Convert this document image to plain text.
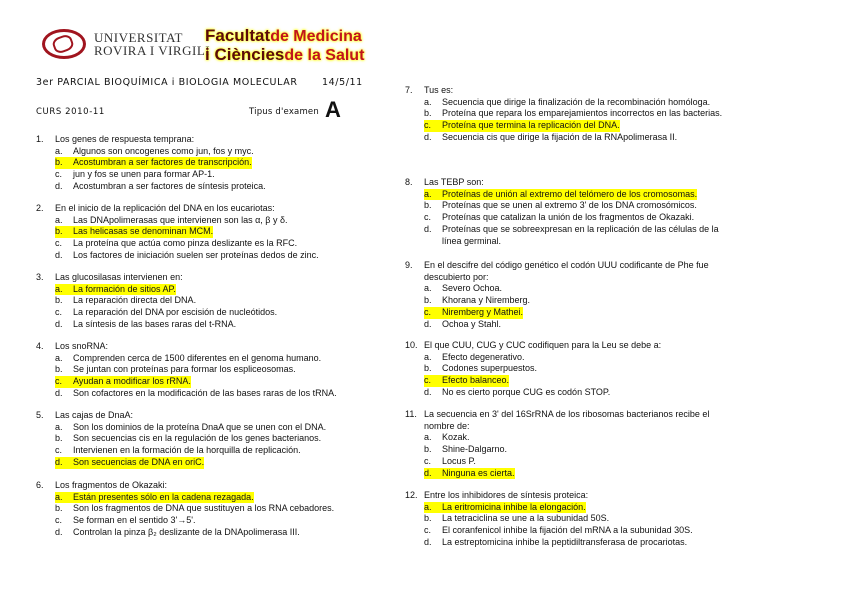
UNIVERSITAT
ROVIRA I VIRGILI
Facultatde Medicina
i Ciènciesde la Salut
3er PARCIAL BIOQUÍMICA i BIOLOGIA MOLECULAR	14/5/11
CURS 2010-11	Tipus d'examen A
1.	Los genes de respuesta temprana:
a.	Algunos son oncogenes como jun, fos y myc.
b.	Acostumbran a ser factores de transcripción.
c.	jun y fos se unen para formar AP-1.
d.	Acostumbran a ser factores de síntesis proteica.
2.	En el inicio de la replicación del DNA en los eucariotas:
a.	Las DNApolimerasas que intervienen son las α, β y δ.
b.	Las helicasas se denominan MCM.
c.	La proteína que actúa como pinza deslizante es la RFC.
d.	Los factores de iniciación suelen ser proteínas dedos de zinc.
3.	Las glucosilasas intervienen en:
a.	La formación de sitios AP.
b.	La reparación directa del DNA.
c.	La reparación del DNA por escisión de nucleótidos.
d.	La síntesis de las bases raras del t-RNA.
4.	Los snoRNA:
a.	Comprenden cerca de 1500 diferentes en el genoma humano.
b.	Se juntan con proteínas para formar los espliceosomas.
c.	Ayudan a modificar los rRNA.
d.	Son cofactores en la modificación de las bases raras de los tRNA.
5.	Las cajas de DnaA:
a.	Son los dominios de la proteína DnaA que se unen con el DNA.
b.	Son secuencias cis en la regulación de los genes bacterianos.
c.	Intervienen en la formación de la horquilla de replicación.
d.	Son secuencias de DNA en oriC.
6.	Los fragmentos de Okazaki:
a.	Están presentes sólo en la cadena rezagada.
b.	Son los fragmentos de DNA que sustituyen a los RNA cebadores.
c.	Se forman en el sentido 3'→5'.
d.	Controlan la pinza β₂ deslizante de la DNApolimerasa III.
7.	Tus es:
a.	Secuencia que dirige la finalización de la recombinación homóloga.
b.	Proteína que repara los emparejamientos incorrectos en las bacterias.
c.	Proteína que termina la replicación del DNA.
d.	Secuencia cis que dirige la fijación de la RNApolimerasa II.
8.	Las TEBP son:
a.	Proteínas de unión al extremo del telómero de los cromosomas.
b.	Proteínas que se unen al extremo 3' de los DNA cromosómicos.
c.	Proteínas que catalizan la unión de los fragmentos de Okazaki.
d.	Proteínas que se sobreexpresan en la replicación de las células de la línea germinal.
9.	En el descifre del código genético el codón UUU codificante de Phe fue descubierto por:
a.	Severo Ochoa.
b.	Khorana y Niremberg.
c.	Niremberg y Mathei.
d.	Ochoa y Stahl.
10. El que CUU, CUG y CUC codifiquen para la Leu se debe a:
a.	Efecto degenerativo.
b.	Codones superpuestos.
c.	Efecto balanceo.
d.	No es cierto porque CUG es codón STOP.
11. La secuencia en 3' del 16SrRNA de los ribosomas bacterianos recibe el nombre de:
a.	Kozak.
b.	Shine-Dalgarno.
c.	Locus P.
d.	Ninguna es cierta.
12. Entre los inhibidores de síntesis proteica:
a.	La eritromicina inhibe la elongación.
b.	La tetraciclina se une a la subunidad 50S.
c.	El coranfenicol inhibe la fijación del mRNA a la subunidad 30S.
d.	La estreptomicina inhibe la peptidiltransferasa de procariotas.
